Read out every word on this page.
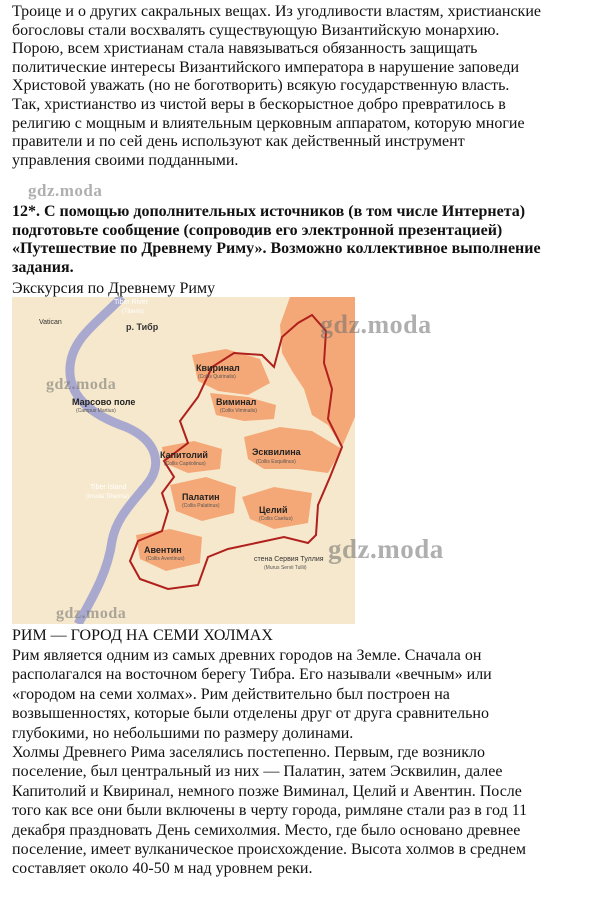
Троице и о других сакральных вещах. Из угодливости властям, христианские
богословы стали восхвалять существующую Византийскую монархию.
Порою, всем христианам стала навязываться обязанность защищать
политические интересы Византийского императора в нарушение заповеди
Христовой уважать (но не боготворить) всякую государственную власть.
Так, христианство из чистой веры в бескорыстное добро превратилось в
религию с мощным и влиятельным церковным аппаратом, которую многие
правители и по сей день используют как действенный инструмент
управления своими подданными.
gdz.moda
12*. С помощью дополнительных источников (в том числе Интернета)
подготовьте сообщение (сопроводив его электронной презентацией)
«Путешествие по Древнему Риму». Возможно коллективное выполнение
задания.
Экскурсия по Древнему Риму
Tiber River
(Tiberis)
р. Тибр
Vatican
Марсово поле
(Campus Martius)
Квиринал
(Collis Quirinalis)
Виминал
(Collis Viminalis)
Капитолий
(Collis Capitolinus)
Эсквилина
(Collis Esquilinus)
Tiber Island
(Insula Tiberina)	Палатин
(Collis Palatinus)	Целий
(Collis Caelius)
Авентин
(Collis Aventinus)	стена Сервия Туллия
(Murus Servii Tullii)
gdz.moda
gdz.moda
gdz.moda
gdz.moda
РИМ — ГОРОД НА СЕМИ ХОЛМАХ
Рим является одним из самых древних городов на Земле. Сначала он
располагался на восточном берегу Тибра. Его называли «вечным» или
«городом на семи холмах». Рим действительно был построен на
возвышенностях, которые были отделены друг от друга сравнительно
глубокими, но небольшими по размеру долинами.
Холмы Древнего Рима заселялись постепенно. Первым, где возникло
поселение, был центральный из них — Палатин, затем Эсквилин, далее
Капитолий и Квиринал, немного позже Виминал, Целий и Авентин. После
того как все они были включены в черту города, римляне стали раз в год 11
декабря праздновать День семихолмия. Место, где было основано древнее
поселение, имеет вулканическое происхождение. Высота холмов в среднем
составляет около 40-50 м над уровнем реки.
